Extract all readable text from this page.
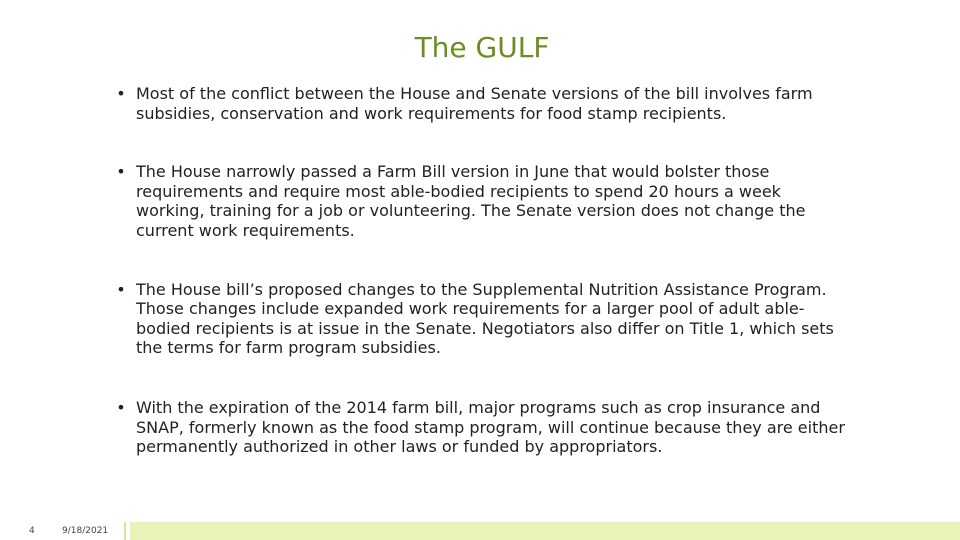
The GULF
• Most of the conflict between the House and Senate versions of the bill involves farm subsidies, conservation and work requirements for food stamp recipients.
• The House narrowly passed a Farm Bill version in June that would bolster those requirements and require most able-bodied recipients to spend 20 hours a week working, training for a job or volunteering. The Senate version does not change the current work requirements.
• The House bill’s proposed changes to the Supplemental Nutrition Assistance Program. Those changes include expanded work requirements for a larger pool of adult able-bodied recipients is at issue in the Senate. Negotiators also differ on Title 1, which sets the terms for farm program subsidies.
• With the expiration of the 2014 farm bill, major programs such as crop insurance and SNAP, formerly known as the food stamp program, will continue because they are either permanently authorized in other laws or funded by appropriators.
4	9/18/2021
